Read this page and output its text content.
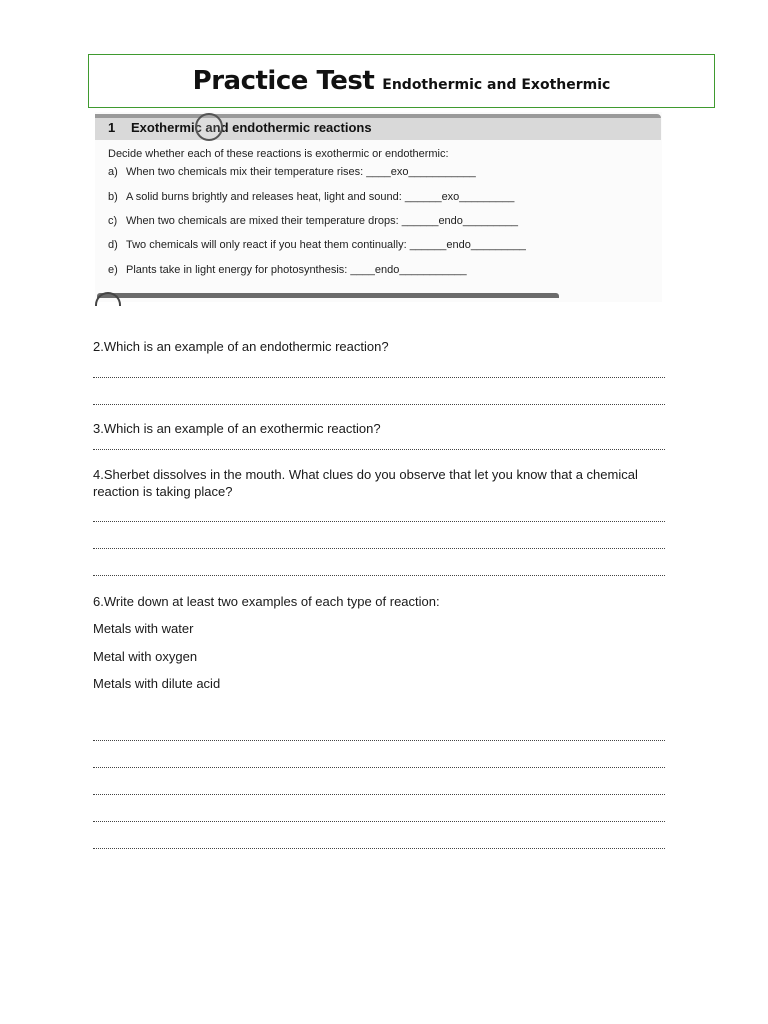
Practice Test Endothermic and Exothermic
1 Exothermic and endothermic reactions
Decide whether each of these reactions is exothermic or endothermic:
a) When two chemicals mix their temperature rises: ____exo___________
b) A solid burns brightly and releases heat, light and sound: ______exo_________
c) When two chemicals are mixed their temperature drops: ______endo_________
d) Two chemicals will only react if you heat them continually: ______endo_________
e) Plants take in light energy for photosynthesis: ____endo___________
2.Which is an example of an endothermic reaction?
3.Which is an example of an exothermic reaction?
4.Sherbet dissolves in the mouth. What clues do you observe that let you know that a chemical reaction is taking place?
6.Write down at least two examples of each type of reaction:
Metals with water
Metal with oxygen
Metals with dilute acid
